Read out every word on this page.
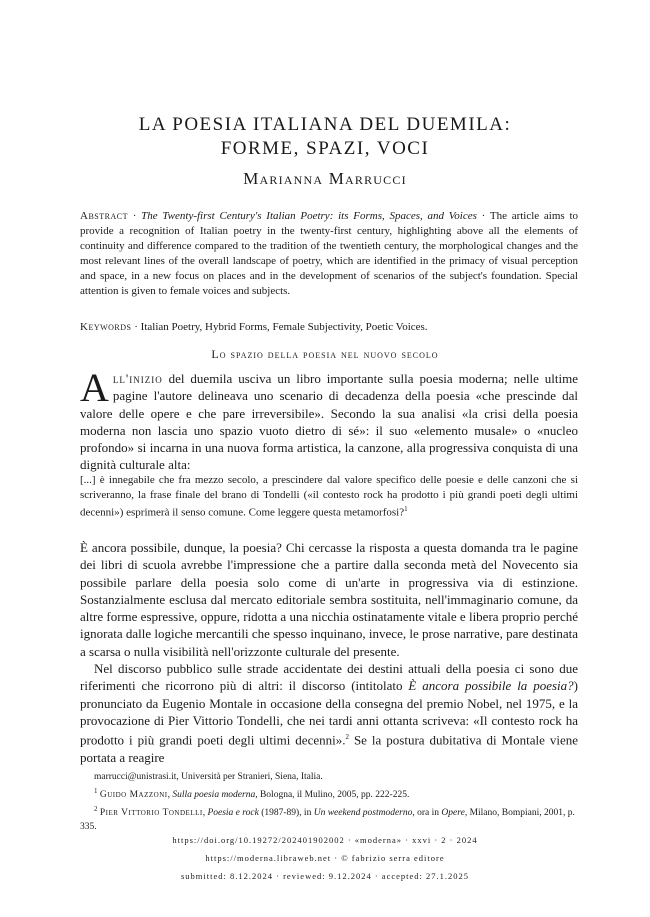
LA POESIA ITALIANA DEL DUEMILA:
FORME, SPAZI, VOCI
Marianna Marrucci
Abstract · The Twenty-first Century's Italian Poetry: its Forms, Spaces, and Voices · The article aims to provide a recognition of Italian poetry in the twenty-first century, highlighting above all the elements of continuity and difference compared to the tradition of the twentieth century, the morphological changes and the most relevant lines of the overall landscape of poetry, which are identified in the primacy of visual perception and space, in a new focus on places and in the development of scenarios of the subject's foundation. Special attention is given to female voices and subjects.
Keywords · Italian Poetry, Hybrid Forms, Female Subjectivity, Poetic Voices.
Lo spazio della poesia nel nuovo secolo
All'inizio del duemila usciva un libro importante sulla poesia moderna; nelle ultime pagine l'autore delineava uno scenario di decadenza della poesia «che prescinde dal valore delle opere e che pare irreversibile». Secondo la sua analisi «la crisi della poesia moderna non lascia uno spazio vuoto dietro di sé»: il suo «elemento musale» o «nucleo profondo» si incarna in una nuova forma artistica, la canzone, alla progressiva conquista di una dignità culturale alta:
[...] è innegabile che fra mezzo secolo, a prescindere dal valore specifico delle poesie e delle canzoni che si scriveranno, la frase finale del brano di Tondelli («il contesto rock ha prodotto i più grandi poeti degli ultimi decenni») esprimerà il senso comune. Come leggere questa metamorfosi?$^1$

È ancora possibile, dunque, la poesia? Chi cercasse la risposta a questa domanda tra le pagine dei libri di scuola avrebbe l'impressione che a partire dalla seconda metà del Novecento sia possibile parlare della poesia solo come di un'arte in progressiva via di estinzione. Sostanzialmente esclusa dal mercato editoriale sembra sostituita, nell'immaginario comune, da altre forme espressive, oppure, ridotta a una nicchia ostinatamente vitale e libera proprio perché ignorata dalle logiche mercantili che spesso inquinano, invece, le prose narrative, pare destinata a scarsa o nulla visibilità nell'orizzonte culturale del presente.

Nel discorso pubblico sulle strade accidentate dei destini attuali della poesia ci sono due riferimenti che ricorrono più di altri: il discorso (intitolato È ancora possibile la poesia?) pronunciato da Eugenio Montale in occasione della consegna del premio Nobel, nel 1975, e la provocazione di Pier Vittorio Tondelli, che nei tardi anni ottanta scriveva: «Il contesto rock ha prodotto i più grandi poeti degli ultimi decenni».$^2$ Se la postura dubitativa di Montale viene portata a reagire

marrucci@unistrasi.it, Università per Stranieri, Siena, Italia.

$^1$ Guido Mazzoni, Sulla poesia moderna, Bologna, il Mulino, 2005, pp. 222-225.

$^2$ Pier Vittorio Tondelli, Poesia e rock (1987-89), in Un weekend postmoderno, ora in Opere, Milano, Bompiani, 2001, p. 335.

https://doi.org/10.19272/202401902002 · «moderna» · xxvi · 2 · 2024
https://moderna.libraweb.net · © fabrizio serra editore
submitted: 8.12.2024 · reviewed: 9.12.2024 · accepted: 27.1.2025
